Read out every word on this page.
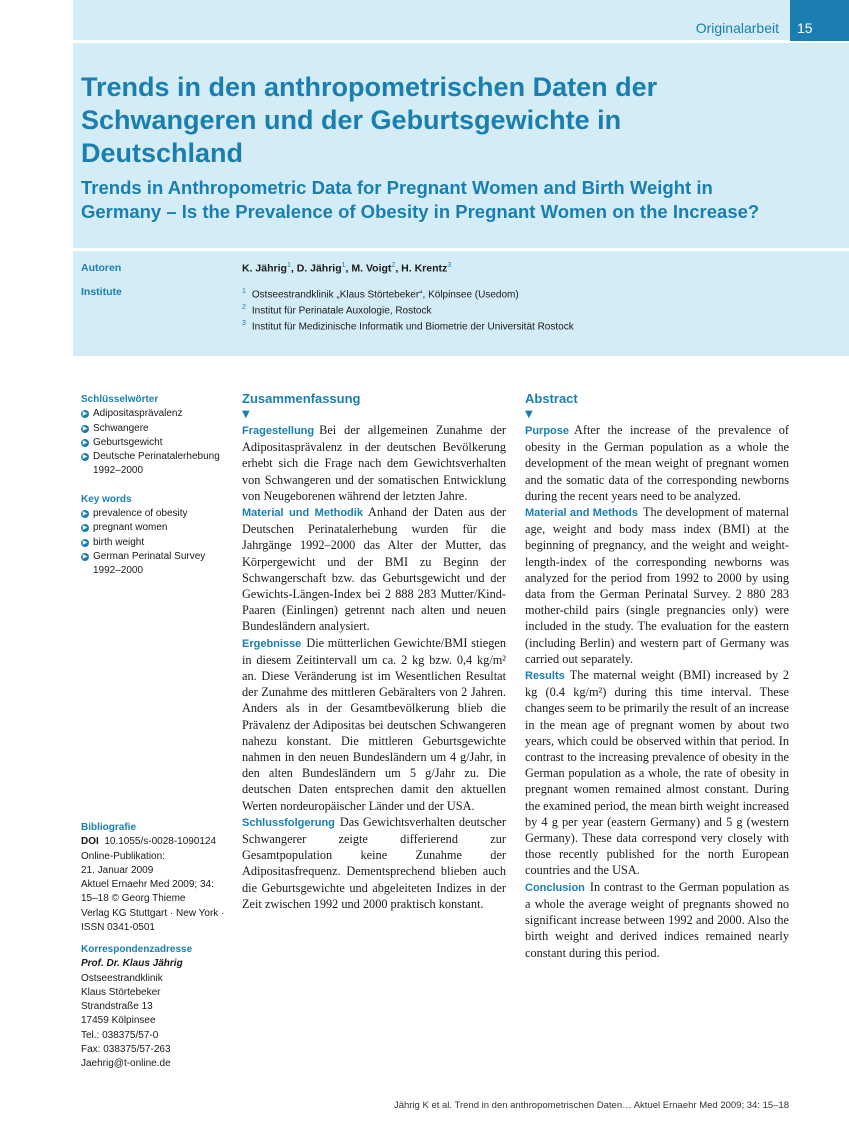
Originalarbeit 15
Trends in den anthropometrischen Daten der Schwangeren und der Geburtsgewichte in Deutschland
Trends in Anthropometric Data for Pregnant Women and Birth Weight in Germany – Is the Prevalence of Obesity in Pregnant Women on the Increase?
Autoren
Institute
K. Jährig$^1$, D. Jährig$^1$, M. Voigt$^2$, H. Krentz$^3$
$^1$ Ostseestrandklinik „Klaus Störtebeker“, Kölpinsee (Usedom)
$^2$ Institut für Perinatale Auxologie, Rostock
$^3$ Institut für Medizinische Informatik und Biometrie der Universität Rostock
Schlüsselwörter
▶ Adipositasprävalenz
▶ Schwangere
▶ Geburtsgewicht
▶ Deutsche Perinatalerhebung 1992–2000
Key words
▶ prevalence of obesity
▶ pregnant women
▶ birth weight
▶ German Perinatal Survey 1992–2000
Bibliografie
DOI 10.1055/s-0028-1090124
Online-Publikation:
21. Januar 2009
Aktuel Ernaehr Med 2009; 34:
15–18 © Georg Thieme
Verlag KG Stuttgart · New York ·
ISSN 0341-0501
Korrespondenzadresse
Prof. Dr. Klaus Jährig
Ostseestrandklinik
Klaus Störtebeker
Strandstraße 13
17459 Kölpinsee
Tel.: 038375/57-0
Fax: 038375/57-263
Jaehrig@t-online.de
Zusammenfassung
▼

Fragestellung Bei der allgemeinen Zunahme der Adipositasprävalenz in der deutschen Bevölkerung erhebt sich die Frage nach dem Gewichtsverhalten von Schwangeren und der somatischen Entwicklung von Neugeborenen während der letzten Jahre.

Material und Methodik Anhand der Daten aus der Deutschen Perinatalerhebung wurden für die Jahrgänge 1992–2000 das Alter der Mutter, das Körpergewicht und der BMI zu Beginn der Schwangerschaft bzw. das Geburtsgewicht und der Gewichts-Längen-Index bei 2 888 283 Mutter/Kind-Paaren (Einlingen) getrennt nach alten und neuen Bundesländern analysiert.

Ergebnisse Die mütterlichen Gewichte/BMI stiegen in diesem Zeitintervall um ca. 2 kg bzw. 0,4 kg/m² an. Diese Veränderung ist im Wesentlichen Resultat der Zunahme des mittleren Gebäralters von 2 Jahren. Anders als in der Gesamtbevölkerung blieb die Prävalenz der Adipositas bei deutschen Schwangeren nahezu konstant. Die mittleren Geburtsgewichte nahmen in den neuen Bundesländern um 4 g/Jahr, in den alten Bundesländern um 5 g/Jahr zu. Die deutschen Daten entsprechen damit den aktuellen Werten nordeuropäischer Länder und der USA.

Schlussfolgerung Das Gewichtsverhalten deutscher Schwangerer zeigte differierend zur Gesamtpopulation keine Zunahme der Adipositasfrequenz. Dementsprechend blieben auch die Geburtsgewichte und abgeleiteten Indizes in der Zeit zwischen 1992 und 2000 praktisch konstant.

Abstract
▼

Purpose After the increase of the prevalence of obesity in the German population as a whole the development of the mean weight of pregnant women and the somatic data of the corresponding newborns during the recent years need to be analyzed.

Material and Methods The development of maternal age, weight and body mass index (BMI) at the beginning of pregnancy, and the weight and weight-length-index of the corresponding newborns was analyzed for the period from 1992 to 2000 by using data from the German Perinatal Survey. 2 880 283 mother-child pairs (single pregnancies only) were included in the study. The evaluation for the eastern (including Berlin) and western part of Germany was carried out separately.

Results The maternal weight (BMI) increased by 2 kg (0.4 kg/m²) during this time interval. These changes seem to be primarily the result of an increase in the mean age of pregnant women by about two years, which could be observed within that period. In contrast to the increasing prevalence of obesity in the German population as a whole, the rate of obesity in pregnant women remained almost constant. During the examined period, the mean birth weight increased by 4 g per year (eastern Germany) and 5 g (western Germany). These data correspond very closely with those recently published for the north European countries and the USA.

Conclusion In contrast to the German population as a whole the average weight of pregnants showed no significant increase between 1992 and 2000. Also the birth weight and derived indices remained nearly constant during this period.

Jährig K et al. Trend in den anthropometrischen Daten… Aktuel Ernaehr Med 2009; 34: 15–18
